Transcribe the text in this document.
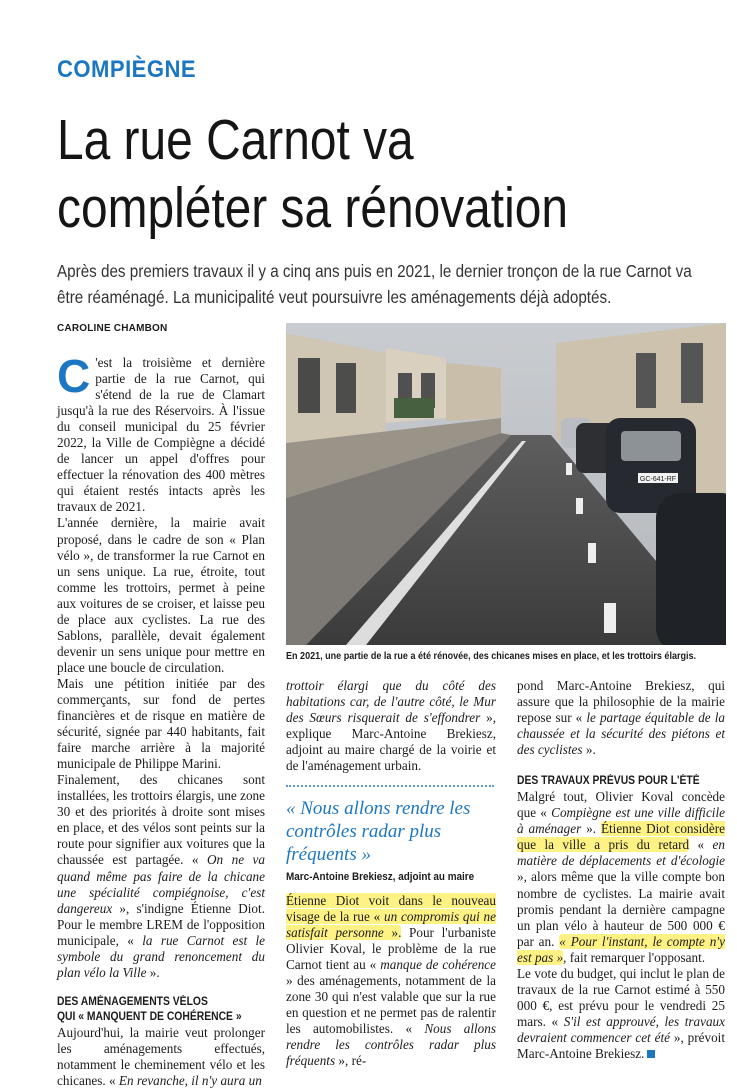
COMPIÈGNE
La rue Carnot va
compléter sa rénovation
Après des premiers travaux il y a cinq ans puis en 2021, le dernier tronçon de la rue Carnot va être réaménagé. La municipalité veut poursuivre les aménagements déjà adoptés.
CAROLINE CHAMBON

C 'est la troisième et dernière partie de la rue Carnot, qui s'étend de la rue de Clamart jusqu'à la rue des Réservoirs. À l'issue du conseil municipal du 25 février 2022, la Ville de Compiègne a décidé de lancer un appel d'offres pour effectuer la rénovation des 400 mètres qui étaient restés intacts après les travaux de 2021.

L'année dernière, la mairie avait proposé, dans le cadre de son « Plan vélo », de transformer la rue Carnot en un sens unique. La rue, étroite, tout comme les trottoirs, permet à peine aux voitures de se croiser, et laisse peu de place aux cyclistes. La rue des Sablons, parallèle, devait également devenir un sens unique pour mettre en place une boucle de circulation.

Mais une pétition initiée par des commerçants, sur fond de pertes financières et de risque en matière de sécurité, signée par 440 habitants, fait faire marche arrière à la majorité municipale de Philippe Marini.

Finalement, des chicanes sont installées, les trottoirs élargis, une zone 30 et des priorités à droite sont mises en place, et des vélos sont peints sur la route pour signifier aux voitures que la chaussée est partagée. « On ne va quand même pas faire de la chicane une spécialité compiégnoise, c'est dangereux », s'indigne Étienne Diot. Pour le membre LREM de l'opposition municipale, « la rue Carnot est le symbole du grand renoncement du plan vélo la Ville ».

DES AMÉNAGEMENTS VÉLOS
QUI « MANQUENT DE COHÉRENCE »

Aujourd'hui, la mairie veut prolonger les aménagements effectués, notamment le cheminement vélo et les chicanes. « En revanche, il n'y aura un

GC-641-RF
En 2021, une partie de la rue a été rénovée, des chicanes mises en place, et les trottoirs élargis.

trottoir élargi que du côté des habitations car, de l'autre côté, le Mur des Sœurs risquerait de s'effondrer », explique Marc-Antoine Brekiesz, adjoint au maire chargé de la voirie et de l'aménagement urbain.

« Nous allons rendre les contrôles radar plus fréquents »
Marc-Antoine Brekiesz, adjoint au maire

Étienne Diot voit dans le nouveau visage de la rue « un compromis qui ne satisfait personne ». Pour l'urbaniste Olivier Koval, le problème de la rue Carnot tient au « manque de cohérence » des aménagements, notamment de la zone 30 qui n'est valable que sur la rue en question et ne permet pas de ralentir les automobilistes. « Nous allons rendre les contrôles radar plus fréquents », ré-

pond Marc-Antoine Brekiesz, qui assure que la philosophie de la mairie repose sur « le partage équitable de la chaussée et la sécurité des piétons et des cyclistes ».

DES TRAVAUX PRÉVUS POUR L'ÉTÉ

Malgré tout, Olivier Koval concède que « Compiègne est une ville difficile à aménager ». Étienne Diot considère que la ville a pris du retard « en matière de déplacements et d'écologie », alors même que la ville compte bon nombre de cyclistes. La mairie avait promis pendant la dernière campagne un plan vélo à hauteur de 500 000 € par an. « Pour l'instant, le compte n'y est pas », fait remarquer l'opposant.

Le vote du budget, qui inclut le plan de travaux de la rue Carnot estimé à 550 000 €, est prévu pour le vendredi 25 mars. « S'il est approuvé, les travaux devraient commencer cet été », prévoit Marc-Antoine Brekiesz.
